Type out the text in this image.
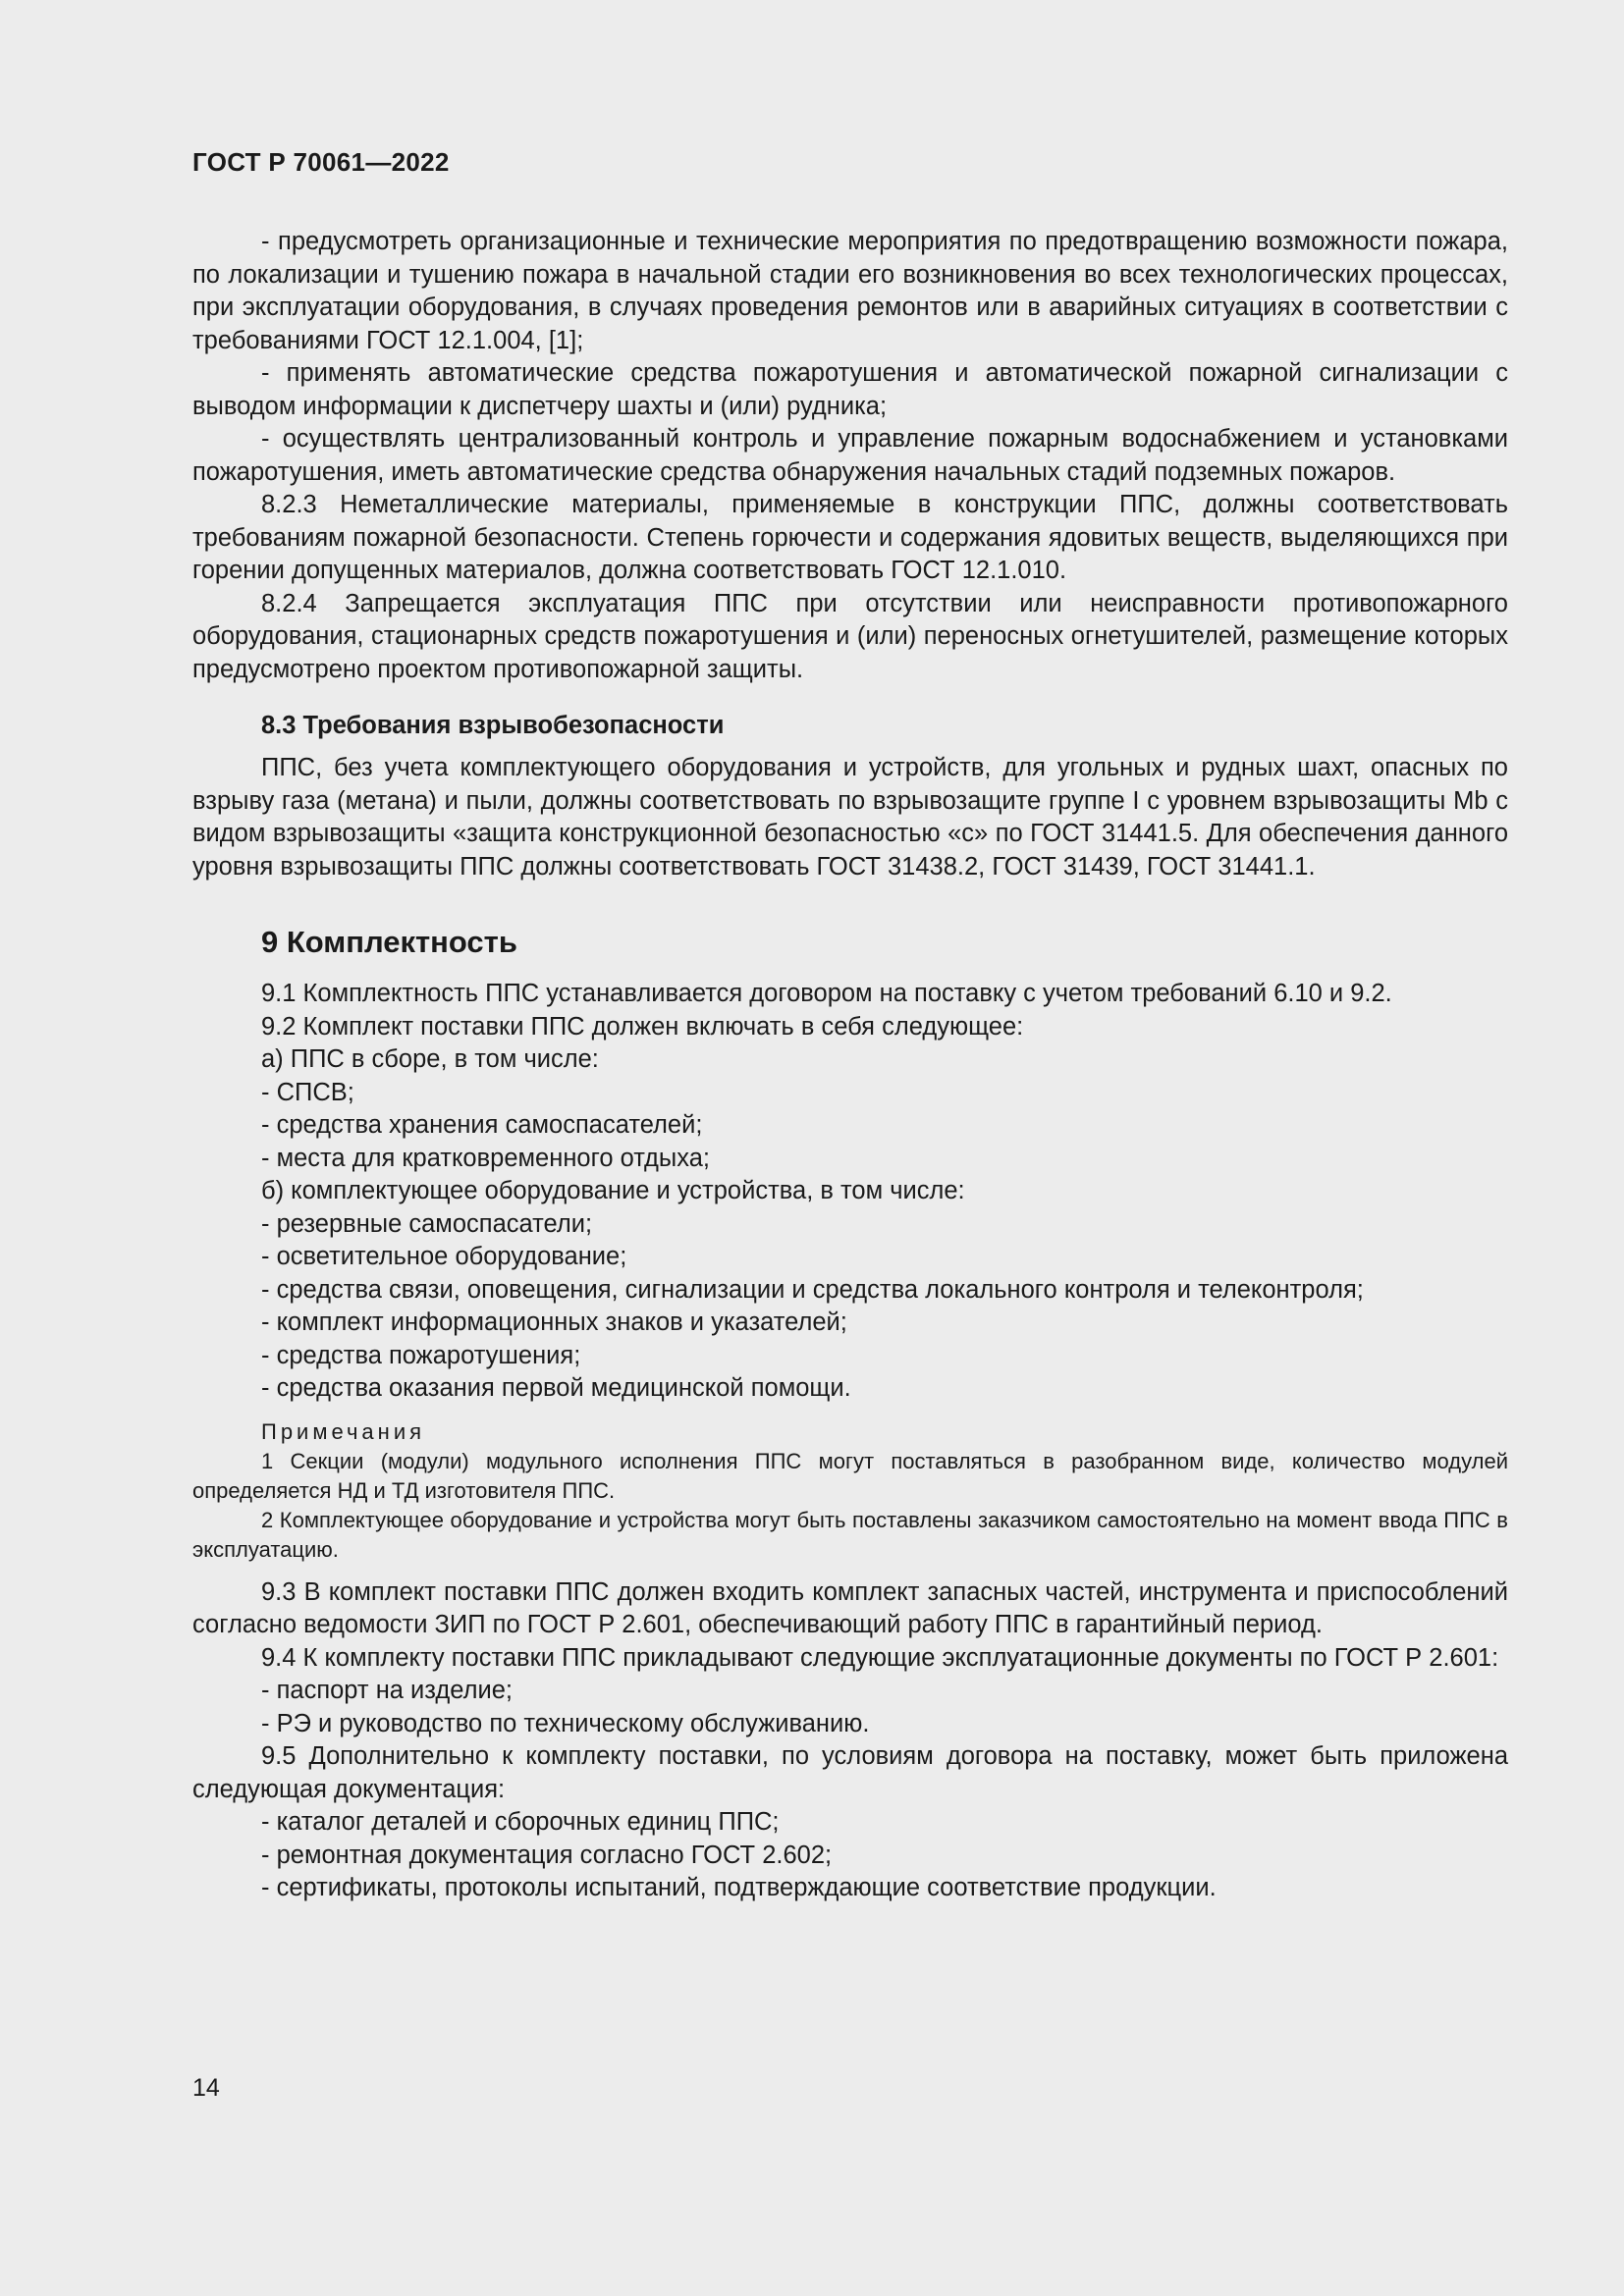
ГОСТ Р 70061—2022

- предусмотреть организационные и технические мероприятия по предотвращению возможности пожара, по локализации и тушению пожара в начальной стадии его возникновения во всех технологических процессах, при эксплуатации оборудования, в случаях проведения ремонтов или в аварийных ситуациях в соответствии с требованиями ГОСТ 12.1.004, [1];

- применять автоматические средства пожаротушения и автоматической пожарной сигнализации с выводом информации к диспетчеру шахты и (или) рудника;

- осуществлять централизованный контроль и управление пожарным водоснабжением и установками пожаротушения, иметь автоматические средства обнаружения начальных стадий подземных пожаров.

8.2.3 Неметаллические материалы, применяемые в конструкции ППС, должны соответствовать требованиям пожарной безопасности. Степень горючести и содержания ядовитых веществ, выделяющихся при горении допущенных материалов, должна соответствовать ГОСТ 12.1.010.

8.2.4 Запрещается эксплуатация ППС при отсутствии или неисправности противопожарного оборудования, стационарных средств пожаротушения и (или) переносных огнетушителей, размещение которых предусмотрено проектом противопожарной защиты.

8.3 Требования взрывобезопасности

ППС, без учета комплектующего оборудования и устройств, для угольных и рудных шахт, опасных по взрыву газа (метана) и пыли, должны соответствовать по взрывозащите группе I с уровнем взрывозащиты Mb с видом взрывозащиты «защита конструкционной безопасностью «с» по ГОСТ 31441.5. Для обеспечения данного уровня взрывозащиты ППС должны соответствовать ГОСТ 31438.2, ГОСТ 31439, ГОСТ 31441.1.

9 Комплектность

9.1 Комплектность ППС устанавливается договором на поставку с учетом требований 6.10 и 9.2.

9.2 Комплект поставки ППС должен включать в себя следующее:

а) ППС в сборе, в том числе:

- СПСВ;

- средства хранения самоспасателей;

- места для кратковременного отдыха;

б) комплектующее оборудование и устройства, в том числе:

- резервные самоспасатели;

- осветительное оборудование;

- средства связи, оповещения, сигнализации и средства локального контроля и телеконтроля;

- комплект информационных знаков и указателей;

- средства пожаротушения;

- средства оказания первой медицинской помощи.

Примечания

1 Секции (модули) модульного исполнения ППС могут поставляться в разобранном виде, количество модулей определяется НД и ТД изготовителя ППС.

2 Комплектующее оборудование и устройства могут быть поставлены заказчиком самостоятельно на момент ввода ППС в эксплуатацию.

9.3 В комплект поставки ППС должен входить комплект запасных частей, инструмента и приспособлений согласно ведомости ЗИП по ГОСТ Р 2.601, обеспечивающий работу ППС в гарантийный период.

9.4 К комплекту поставки ППС прикладывают следующие эксплуатационные документы по ГОСТ Р 2.601:

- паспорт на изделие;

- РЭ и руководство по техническому обслуживанию.

9.5 Дополнительно к комплекту поставки, по условиям договора на поставку, может быть приложена следующая документация:

- каталог деталей и сборочных единиц ППС;

- ремонтная документация согласно ГОСТ 2.602;

- сертификаты, протоколы испытаний, подтверждающие соответствие продукции.

14
